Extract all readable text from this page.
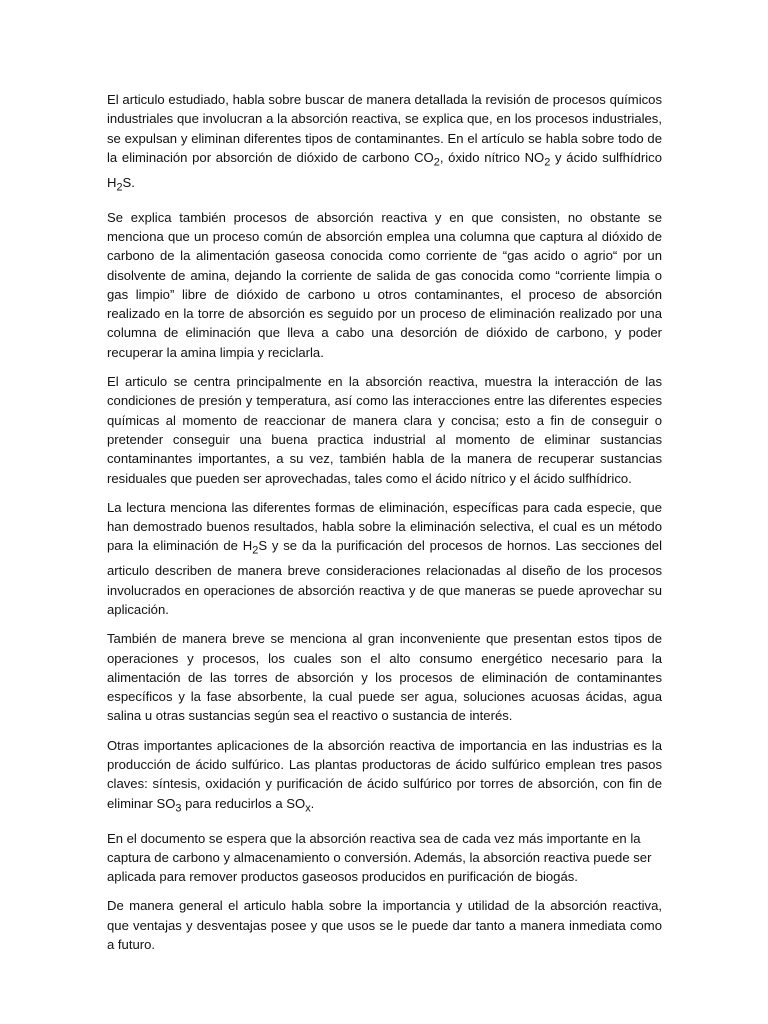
El articulo estudiado, habla sobre buscar de manera detallada la revisión de procesos químicos industriales que involucran a la absorción reactiva, se explica que, en los procesos industriales, se expulsan y eliminan diferentes tipos de contaminantes. En el artículo se habla sobre todo de la eliminación por absorción de dióxido de carbono $CO_2$, óxido nítrico $NO_2$ y ácido sulfhídrico $H_2S$.

Se explica también procesos de absorción reactiva y en que consisten, no obstante se menciona que un proceso común de absorción emplea una columna que captura al dióxido de carbono de la alimentación gaseosa conocida como corriente de “gas acido o agrio“ por un disolvente de amina, dejando la corriente de salida de gas conocida como “corriente limpia o gas limpio” libre de dióxido de carbono u otros contaminantes, el proceso de absorción realizado en la torre de absorción es seguido por un proceso de eliminación realizado por una columna de eliminación que lleva a cabo una desorción de dióxido de carbono, y poder recuperar la amina limpia y reciclarla.

El articulo se centra principalmente en la absorción reactiva, muestra la interacción de las condiciones de presión y temperatura, así como las interacciones entre las diferentes especies químicas al momento de reaccionar de manera clara y concisa; esto a fin de conseguir o pretender conseguir una buena practica industrial al momento de eliminar sustancias contaminantes importantes, a su vez, también habla de la manera de recuperar sustancias residuales que pueden ser aprovechadas, tales como el ácido nítrico y el ácido sulfhídrico.

La lectura menciona las diferentes formas de eliminación, específicas para cada especie, que han demostrado buenos resultados, habla sobre la eliminación selectiva, el cual es un método para la eliminación de $H_2S$ y se da la purificación del procesos de hornos. Las secciones del articulo describen de manera breve consideraciones relacionadas al diseño de los procesos involucrados en operaciones de absorción reactiva y de que maneras se puede aprovechar su aplicación.

También de manera breve se menciona al gran inconveniente que presentan estos tipos de operaciones y procesos, los cuales son el alto consumo energético necesario para la alimentación de las torres de absorción y los procesos de eliminación de contaminantes específicos y la fase absorbente, la cual puede ser agua, soluciones acuosas ácidas, agua salina u otras sustancias según sea el reactivo o sustancia de interés.

Otras importantes aplicaciones de la absorción reactiva de importancia en las industrias es la producción de ácido sulfúrico. Las plantas productoras de ácido sulfúrico emplean tres pasos claves: síntesis, oxidación y purificación de ácido sulfúrico por torres de absorción, con fin de eliminar $SO_3$ para reducirlos a $SO_x$.

En el documento se espera que la absorción reactiva sea de cada vez más importante en la captura de carbono y almacenamiento o conversión. Además, la absorción reactiva puede ser aplicada para remover productos gaseosos producidos en purificación de biogás.

De manera general el articulo habla sobre la importancia y utilidad de la absorción reactiva, que ventajas y desventajas posee y que usos se le puede dar tanto a manera inmediata como a futuro.
